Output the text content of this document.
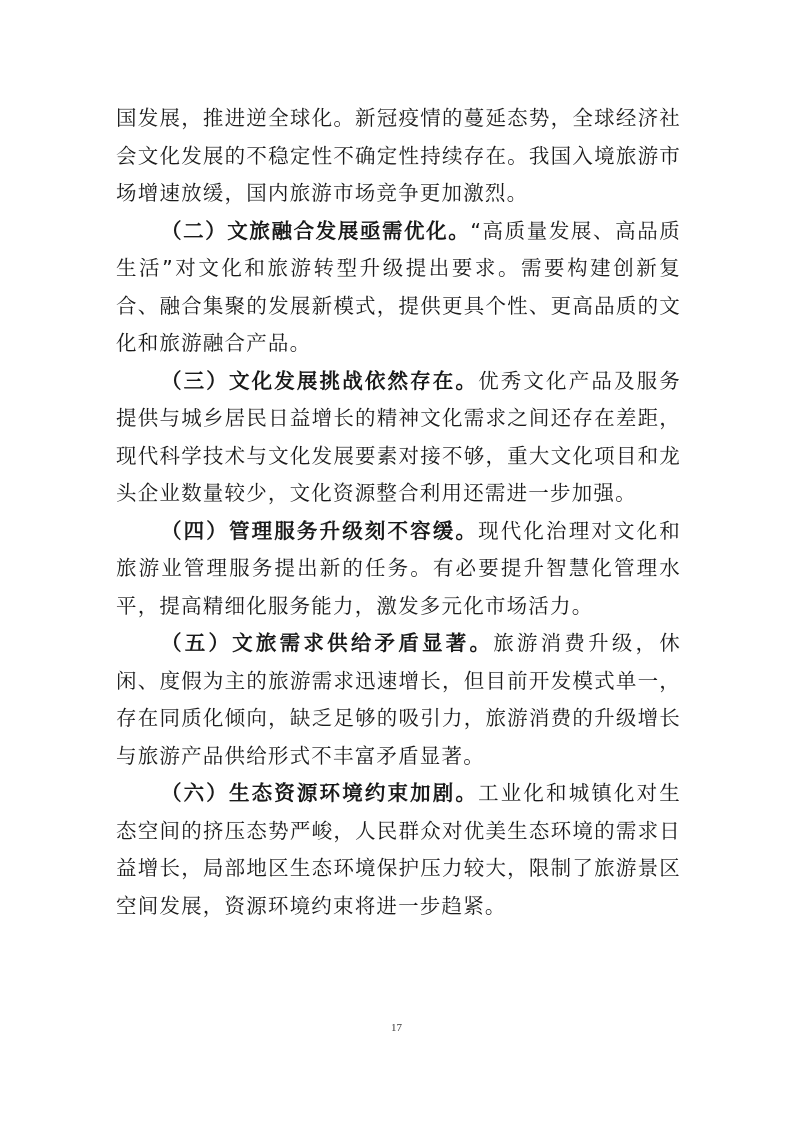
国发展，推进逆全球化。新冠疫情的蔓延态势，全球经济社会文化发展的不稳定性不确定性持续存在。我国入境旅游市场增速放缓，国内旅游市场竞争更加激烈。

（二）文旅融合发展亟需优化。“高质量发展、高品质生活”对文化和旅游转型升级提出要求。需要构建创新复合、融合集聚的发展新模式，提供更具个性、更高品质的文化和旅游融合产品。

（三）文化发展挑战依然存在。优秀文化产品及服务提供与城乡居民日益增长的精神文化需求之间还存在差距，现代科学技术与文化发展要素对接不够，重大文化项目和龙头企业数量较少，文化资源整合利用还需进一步加强。

（四）管理服务升级刻不容缓。现代化治理对文化和旅游业管理服务提出新的任务。有必要提升智慧化管理水平，提高精细化服务能力，激发多元化市场活力。

（五）文旅需求供给矛盾显著。旅游消费升级，休闲、度假为主的旅游需求迅速增长，但目前开发模式单一，存在同质化倾向，缺乏足够的吸引力，旅游消费的升级增长与旅游产品供给形式不丰富矛盾显著。

（六）生态资源环境约束加剧。工业化和城镇化对生态空间的挤压态势严峻，人民群众对优美生态环境的需求日益增长，局部地区生态环境保护压力较大，限制了旅游景区空间发展，资源环境约束将进一步趋紧。

17
